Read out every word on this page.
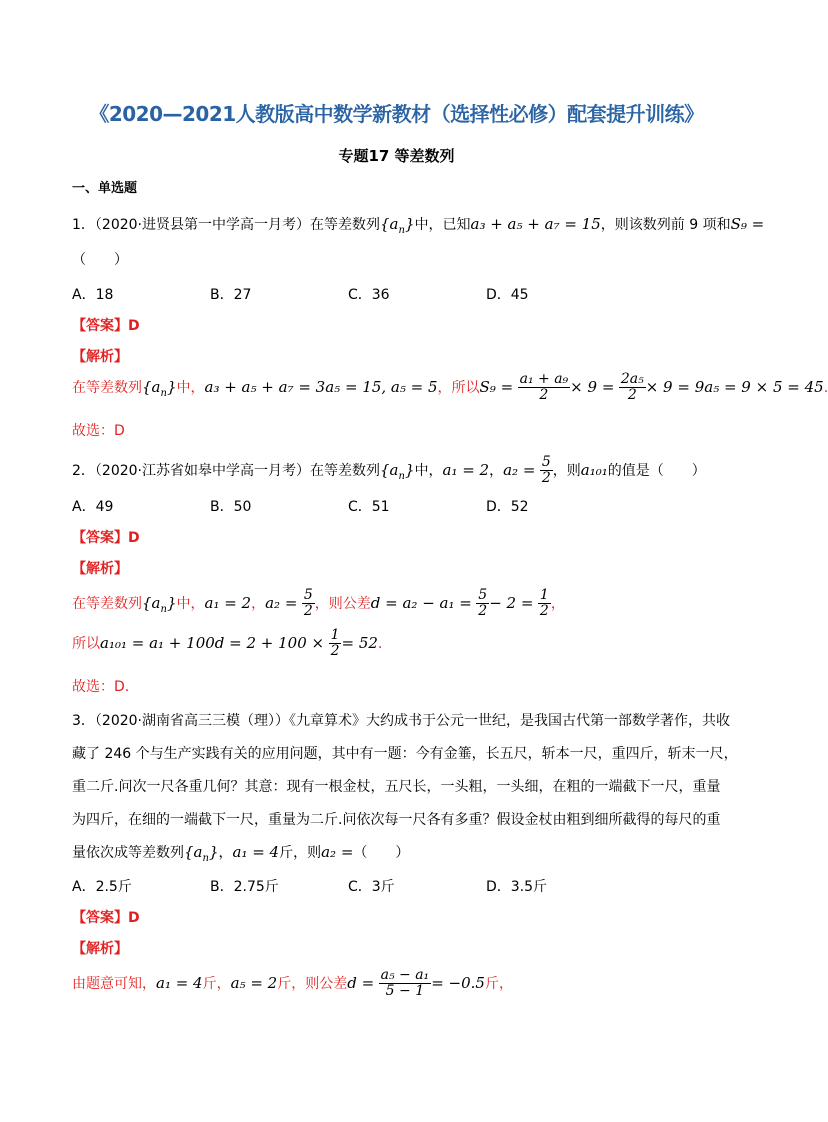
《2020—2021人教版高中数学新教材（选择性必修）配套提升训练》
专题17 等差数列
一、单选题
1．（2020·进贤县第一中学高一月考）在等差数列$\{a_n\}$中，已知a₃ + a₅ + a₇ = 15，则该数列前 9 项和S₉ =
（　　）
A．18	B．27	C．36	D．45
【答案】D
【解析】
在等差数列$\{a_n\}$中，a₃ + a₅ + a₇ = 3a₅ = 15, a₅ = 5，所以$S_9 = \frac{\text{a₁ + a₉}}{2} \times 9 = \frac{\text{2a₅}}{2} \times 9 = 9a_5 = 9 \times 5 = 45$.
故选：D
2．（2020·江苏省如皋中学高一月考）在等差数列$\{a_n\}$中，a₁ = 2，$a_2 = \frac{5}{2}$ ，则a₁₀₁的值是（　　）
A．49	B．50	C．51	D．52
【答案】D
【解析】
在等差数列$\{a_n\}$中，a₁ = 2，$a_2 = \frac{5}{2}$ ，则公差$d = a_2 - a_1 = \frac{5}{2} - 2 = \frac{1}{2}$ ，
所以$a_{101} = a_1 + 100d = 2 + 100 \times \frac{1}{2} = 52$.
故选：D.
3．（2020·湖南省高三三模（理））《九章算术》大约成书于公元一世纪，是我国古代第一部数学著作，共收
藏了 246 个与生产实践有关的应用问题，其中有一题：今有金箠，长五尺，斩本一尺，重四斤，斩末一尺，
重二斤.问次一尺各重几何？其意：现有一根金杖，五尺长，一头粗，一头细，在粗的一端截下一尺，重量
为四斤，在细的一端截下一尺，重量为二斤.问依次每一尺各有多重？假设金杖由粗到细所截得的每尺的重
量依次成等差数列$\{a_n\}$，a₁ = 4斤，则a₂ =（　　）
A．2.5斤	B．2.75斤	C．3斤	D．3.5斤
【答案】D
【解析】
由题意可知，a₁ = 4斤，a₅ = 2斤，则公差$d = \frac{\text{a₅ − a₁}}{5 - 1} = -0.5$斤，
